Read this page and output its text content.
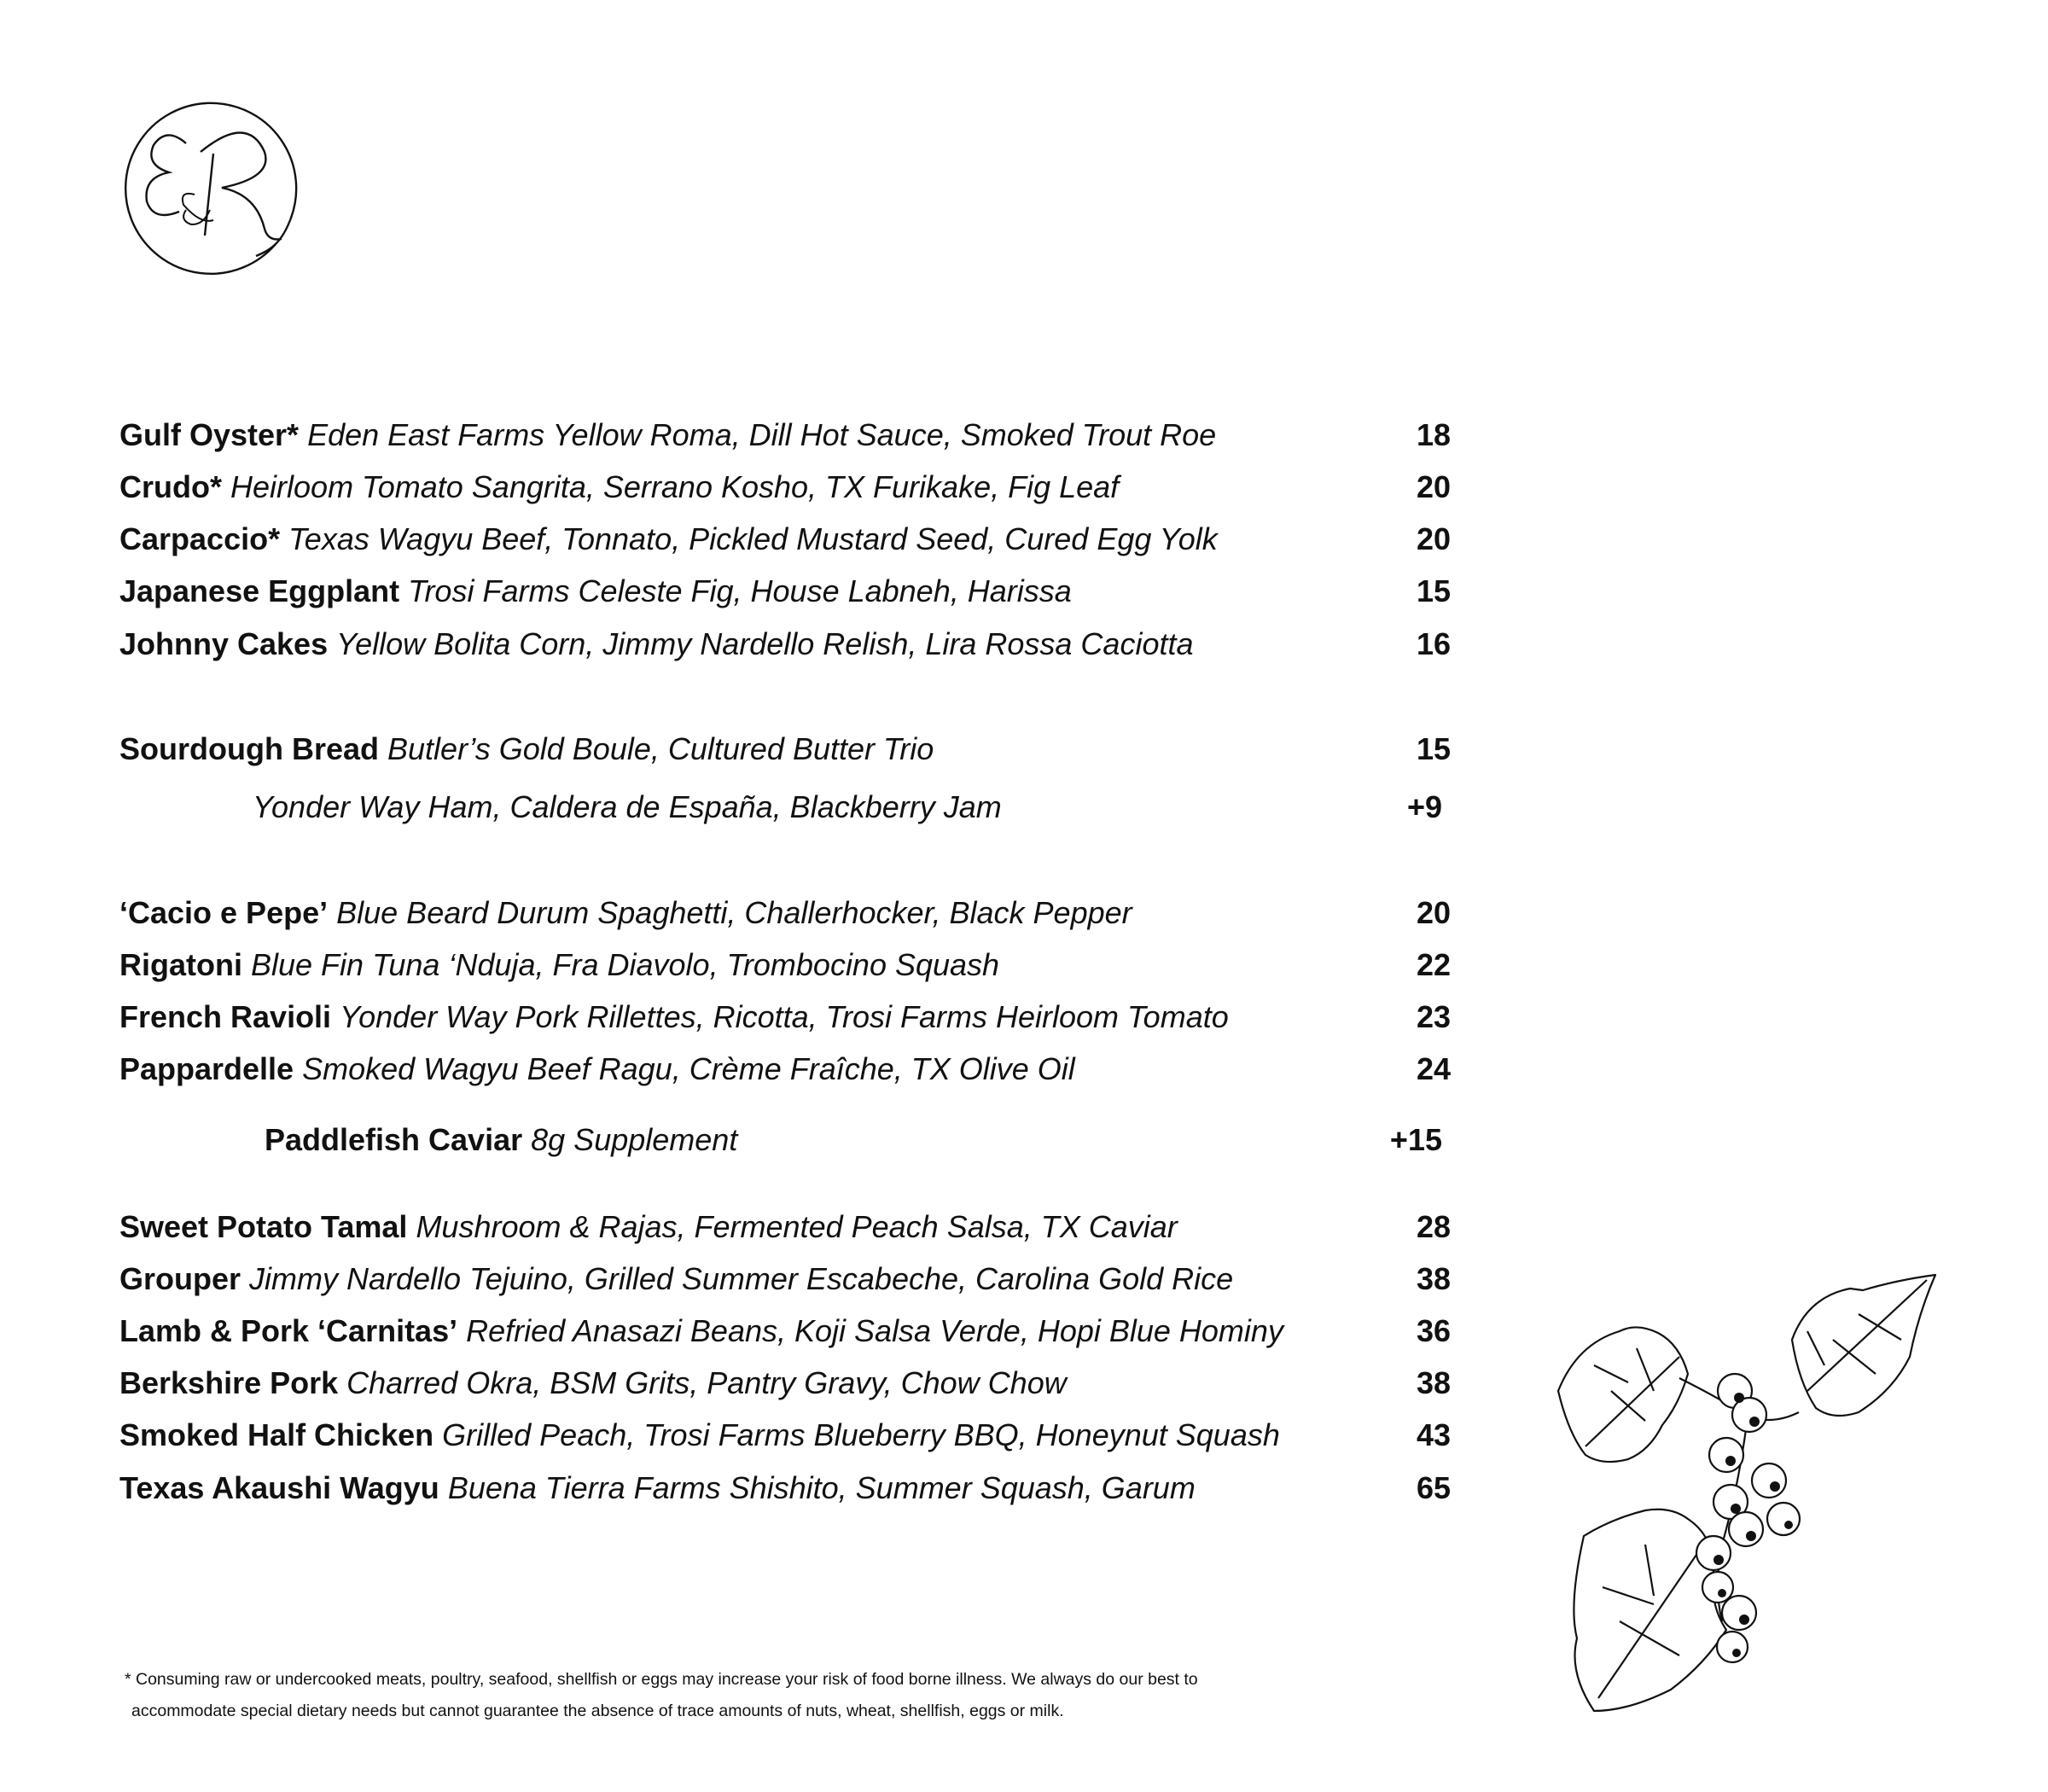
Gulf Oyster* Eden East Farms Yellow Roma, Dill Hot Sauce, Smoked Trout Roe	18
Crudo* Heirloom Tomato Sangrita, Serrano Kosho, TX Furikake, Fig Leaf	20
Carpaccio* Texas Wagyu Beef, Tonnato, Pickled Mustard Seed, Cured Egg Yolk	20
Japanese Eggplant Trosi Farms Celeste Fig, House Labneh, Harissa	15
Johnny Cakes Yellow Bolita Corn, Jimmy Nardello Relish, Lira Rossa Caciotta	16
Sourdough Bread Butler’s Gold Boule, Cultured Butter Trio	15
Yonder Way Ham, Caldera de España, Blackberry Jam	+9
‘Cacio e Pepe’ Blue Beard Durum Spaghetti, Challerhocker, Black Pepper	20
Rigatoni Blue Fin Tuna ‘Nduja, Fra Diavolo, Trombocino Squash	22
French Ravioli Yonder Way Pork Rillettes, Ricotta, Trosi Farms Heirloom Tomato	23
Pappardelle Smoked Wagyu Beef Ragu, Crème Fraîche, TX Olive Oil	24
Paddlefish Caviar 8g Supplement	+15
Sweet Potato Tamal Mushroom & Rajas, Fermented Peach Salsa, TX Caviar	28
Grouper Jimmy Nardello Tejuino, Grilled Summer Escabeche, Carolina Gold Rice	38
Lamb & Pork ‘Carnitas’ Refried Anasazi Beans, Koji Salsa Verde, Hopi Blue Hominy	36
Berkshire Pork Charred Okra, BSM Grits, Pantry Gravy, Chow Chow	38
Smoked Half Chicken Grilled Peach, Trosi Farms Blueberry BBQ, Honeynut Squash	43
Texas Akaushi Wagyu Buena Tierra Farms Shishito, Summer Squash, Garum	65

* Consuming raw or undercooked meats, poultry, seafood, shellfish or eggs may increase your risk of food borne illness. We always do our best to

accommodate special dietary needs but cannot guarantee the absence of trace amounts of nuts, wheat, shellfish, eggs or milk.
